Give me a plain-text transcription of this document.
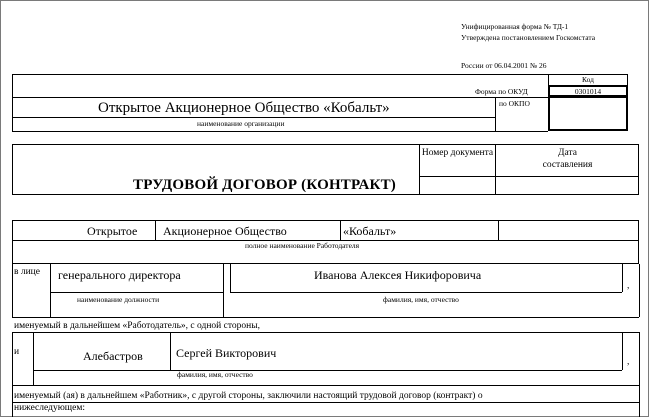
Унифицированная форма № ТД-1
Утверждена постановлением Госкомстата
России от 06.04.2001 № 26
Код
Форма по ОКУД	0301014
по ОКПО
Открытое Акционерное Общество «Кобальт»
наименование организации
Номер документа	Дата составления
ТРУДОВОЙ ДОГОВОР (КОНТРАКТ)
Открытое Акционерное Общество	«Кобальт»
полное наименование Работодателя
в лице генерального директора
наименование должности
Иванова Алексея Никифоровича
фамилия, имя, отчество
,
именуемый в дальнейшем «Работодатель», с одной стороны,
и	Алебастров	Сергей Викторович
фамилия, имя, отчество
,
именуемый (ая) в дальнейшем «Работник», с другой стороны, заключили настоящий трудовой договор (контракт) о
нижеследующем:
